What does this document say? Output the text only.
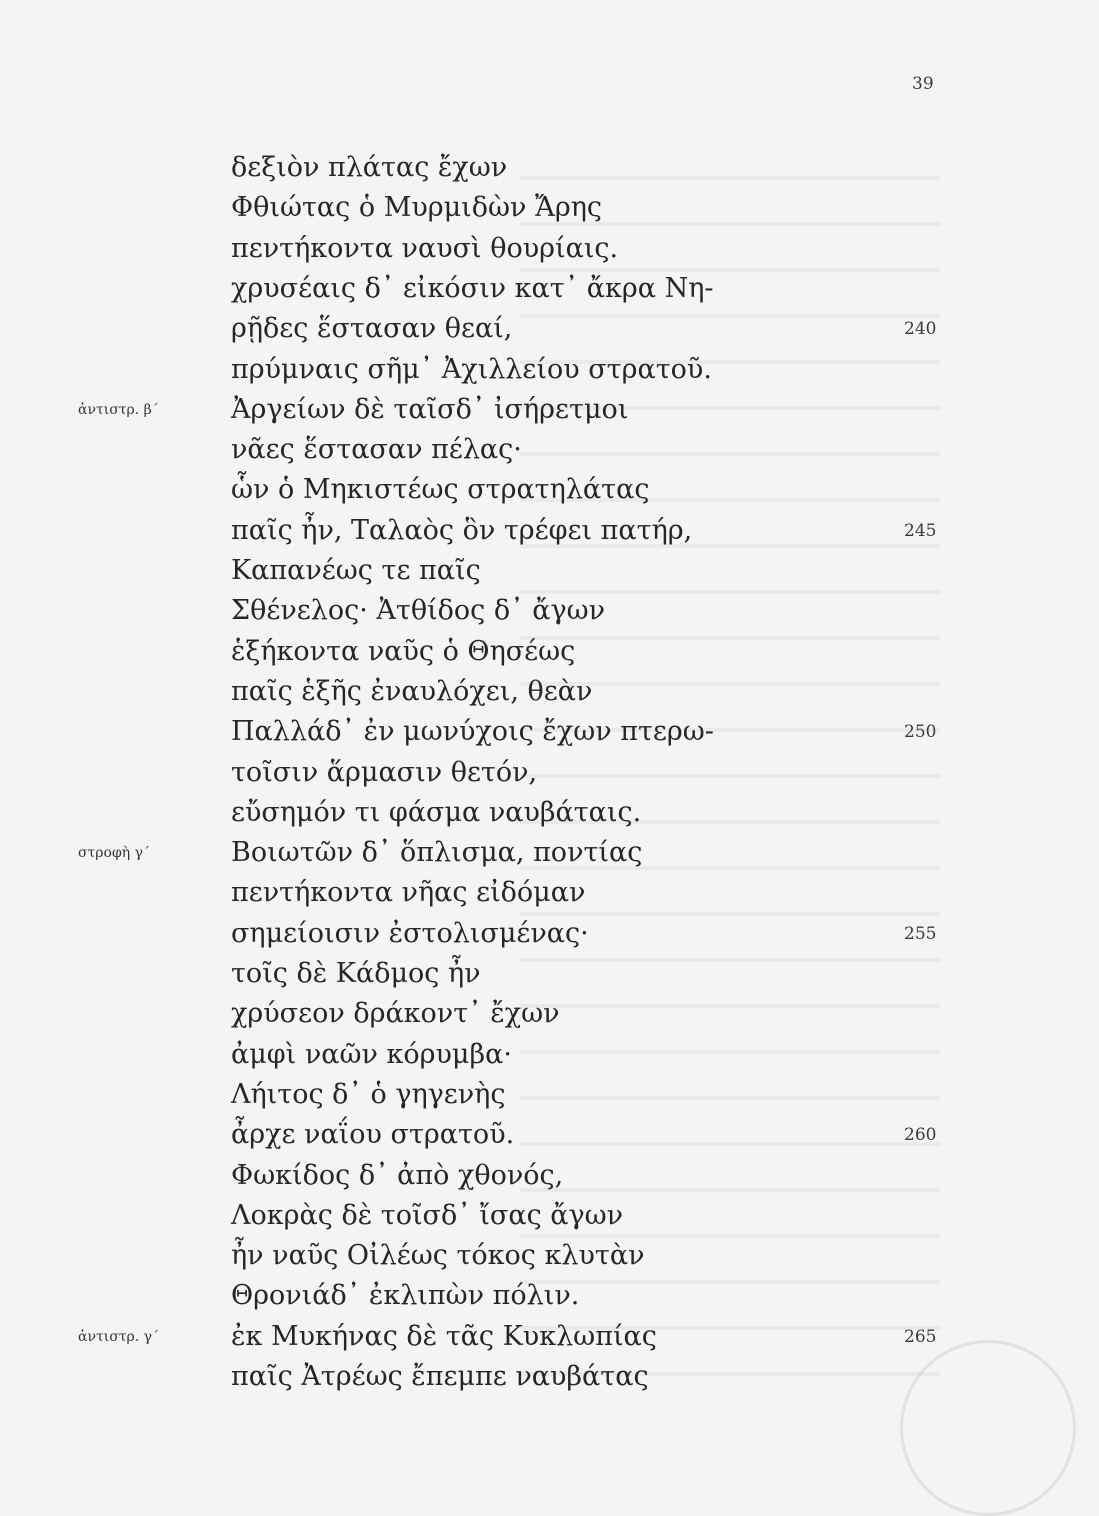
39
δεξιὸν πλάτας ἔχων
Φθιώτας ὁ Μυρμιδὼν Ἄρης
πεντήκοντα ναυσὶ θουρίαις.
χρυσέαις δ᾽ εἰκόσιν κατ᾽ ἄκρα Νη-
ρῇδες ἕστασαν θεαί,	240
πρύμναις σῆμ᾽ Ἀχιλλείου στρατοῦ.
Ἀργείων δὲ ταῖσδ᾽ ἰσήρετμοι
ἀντιστρ. β´
νᾶες ἕστασαν πέλας·
ὧν ὁ Μηκιστέως στρατηλάτας
παῖς ἦν, Ταλαὸς ὃν τρέφει πατήρ,	245
Καπανέως τε παῖς
Σθένελος· Ἀτθίδος δ᾽ ἄγων
ἑξήκοντα ναῦς ὁ Θησέως
παῖς ἑξῆς ἐναυλόχει, θεὰν
Παλλάδ᾽ ἐν μωνύχοις ἔχων πτερω-	250
τοῖσιν ἅρμασιν θετόν,
εὔσημόν τι φάσμα ναυβάταις.
Βοιωτῶν δ᾽ ὅπλισμα, ποντίας
στροφὴ γ´
πεντήκοντα νῆας εἰδόμαν
σημείοισιν ἐστολισμένας·	255
τοῖς δὲ Κάδμος ἦν
χρύσεον δράκοντ᾽ ἔχων
ἀμφὶ ναῶν κόρυμβα·
Λήιτος δ᾽ ὁ γηγενὴς
ἆρχε ναΐου στρατοῦ.	260
Φωκίδος δ᾽ ἀπὸ χθονός,
Λοκρὰς δὲ τοῖσδ᾽ ἴσας ἄγων
ἦν ναῦς Οἰλέως τόκος κλυτὰν
Θρονιάδ᾽ ἐκλιπὼν πόλιν.
ἐκ Μυκήνας δὲ τᾶς Κυκλωπίας
ἀντιστρ. γ´	265
παῖς Ἀτρέως ἔπεμπε ναυβάτας
